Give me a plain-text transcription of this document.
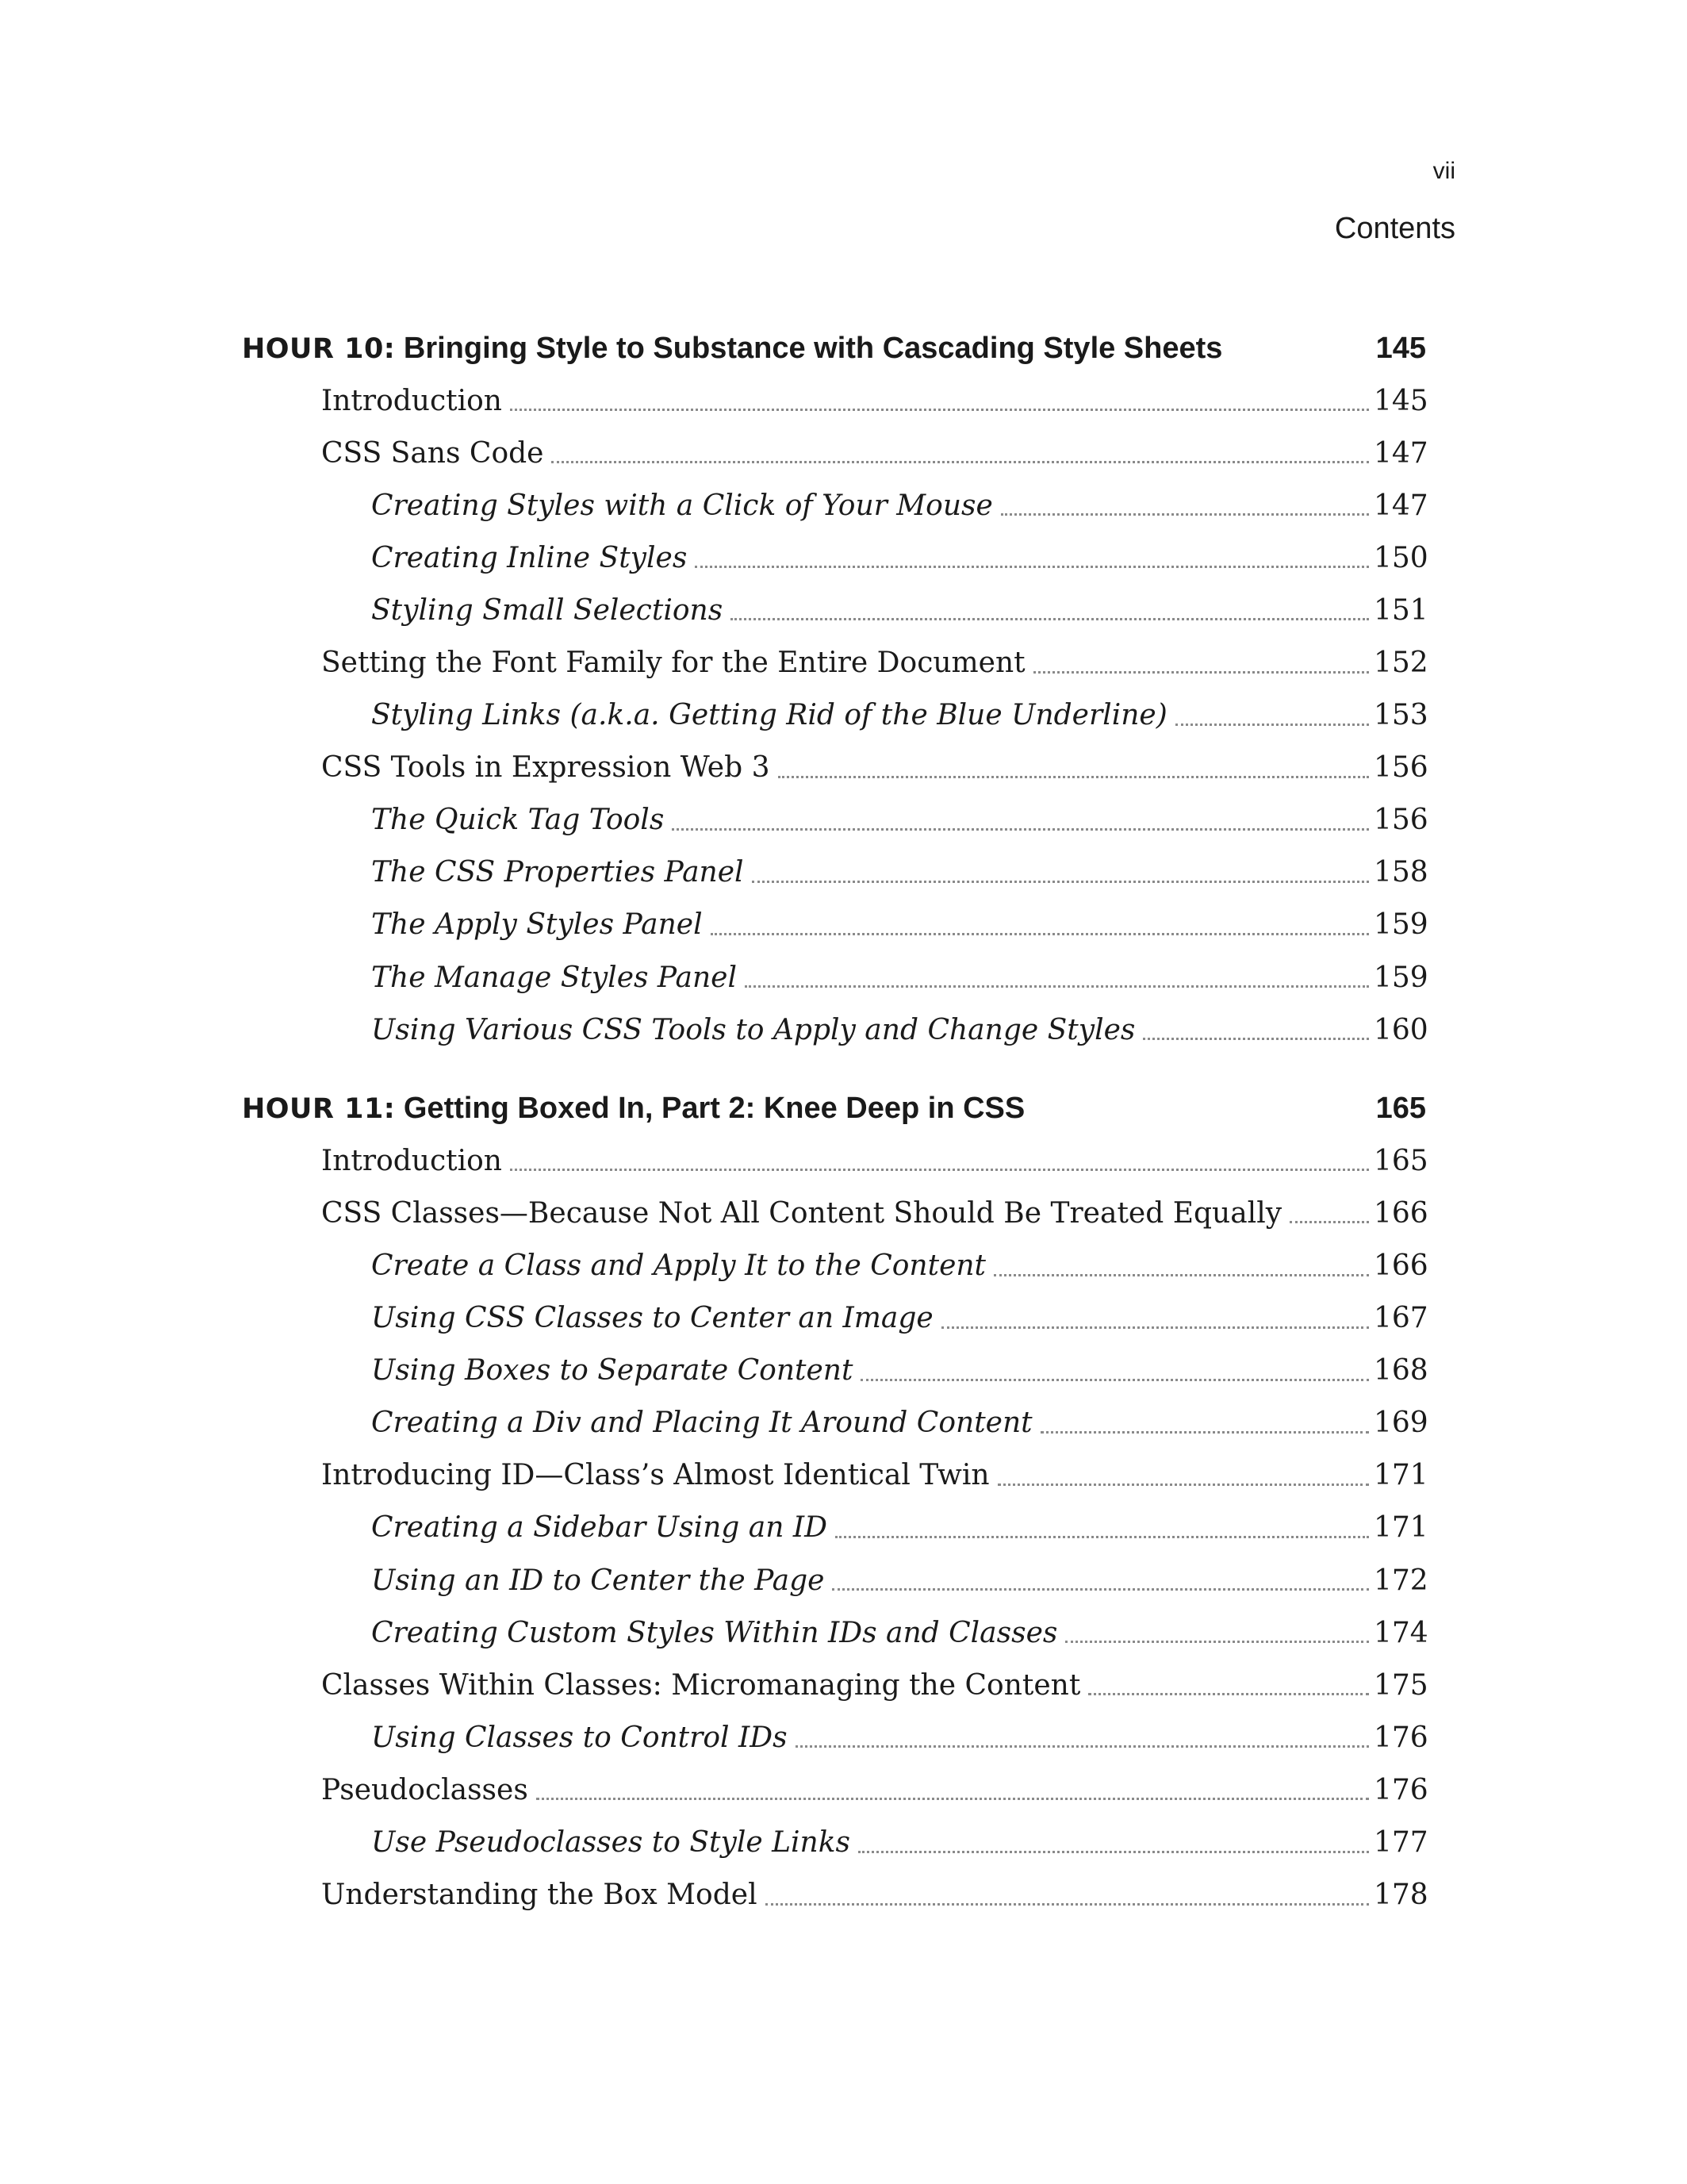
vii
Contents
HOUR 10: Bringing Style to Substance with Cascading Style Sheets	145
Introduction	145
CSS Sans Code	147
Creating Styles with a Click of Your Mouse	147
Creating Inline Styles	150
Styling Small Selections	151
Setting the Font Family for the Entire Document	152
Styling Links (a.k.a. Getting Rid of the Blue Underline)	153
CSS Tools in Expression Web 3	156
The Quick Tag Tools	156
The CSS Properties Panel	158
The Apply Styles Panel	159
The Manage Styles Panel	159
Using Various CSS Tools to Apply and Change Styles	160
HOUR 11: Getting Boxed In, Part 2: Knee Deep in CSS	165
Introduction	165
CSS Classes—Because Not All Content Should Be Treated Equally	166
Create a Class and Apply It to the Content	166
Using CSS Classes to Center an Image	167
Using Boxes to Separate Content	168
Creating a Div and Placing It Around Content	169
Introducing ID—Class’s Almost Identical Twin	171
Creating a Sidebar Using an ID	171
Using an ID to Center the Page	172
Creating Custom Styles Within IDs and Classes	174
Classes Within Classes: Micromanaging the Content	175
Using Classes to Control IDs	176
Pseudoclasses	176
Use Pseudoclasses to Style Links	177
Understanding the Box Model	178
